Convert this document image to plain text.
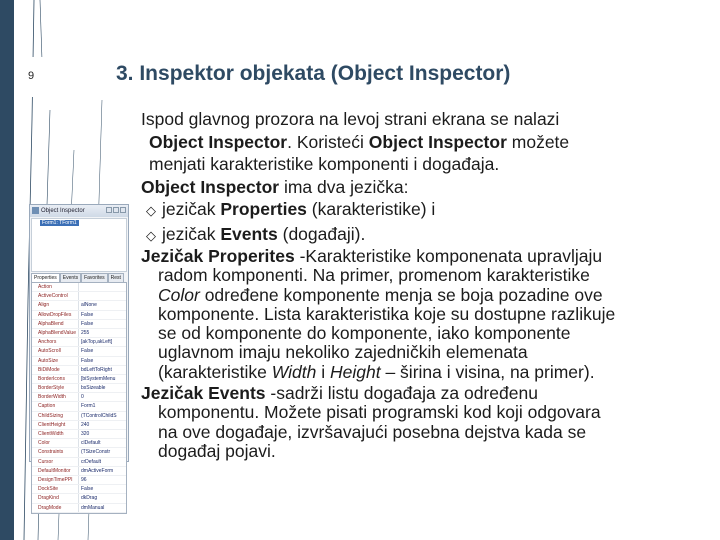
9	3. Inspektor objekata (Object Inspector)
Object Inspector
Form1: TForm1
Properties	Events	Favorites	Rest
Action
ActiveControl
Align	alNone
AllowDropFiles	False
AlphaBlend	False
AlphaBlendValue	255
Anchors	[akTop,akLeft]
AutoScroll	False
AutoSize	False
BiDiMode	bdLeftToRight
BorderIcons	[biSystemMenu
BorderStyle	bsSizeable
BorderWidth	0
Caption	Form1
ChildSizing	(TControlChildS
ClientHeight	240
ClientWidth	320
Color	clDefault
Constraints	(TSizeConstr
Cursor	crDefault
DefaultMonitor	dmActiveForm
DesignTimePPI	96
DockSite	False
DragKind	dkDrag
DragMode	dmManual

Ispod glavnog prozora na levoj strani ekrana se nalazi

Object Inspector. Koristeći Object Inspector možete

menjati karakteristike komponenti i događaja.

Object Inspector ima dva jezička:

◇ jezičak Properties (karakteristike) i

◇ jezičak Events (događaji).

Jezičak Properites -Karakteristike komponenata upravljaju
radom komponenti. Na primer, promenom karakteristike
Color određene komponente menja se boja pozadine ove
komponente. Lista karakteristika koje su dostupne razlikuje
se od komponente do komponente, iako komponente
uglavnom imaju nekoliko zajedničkih elemenata
(karakteristike Width i Height – širina i visina, na primer).
Jezičak Events -sadrži listu događaja za određenu
komponentu. Možete pisati programski kod koji odgovara
na ove događaje, izvršavajući posebna dejstva kada se
događaj pojavi.
